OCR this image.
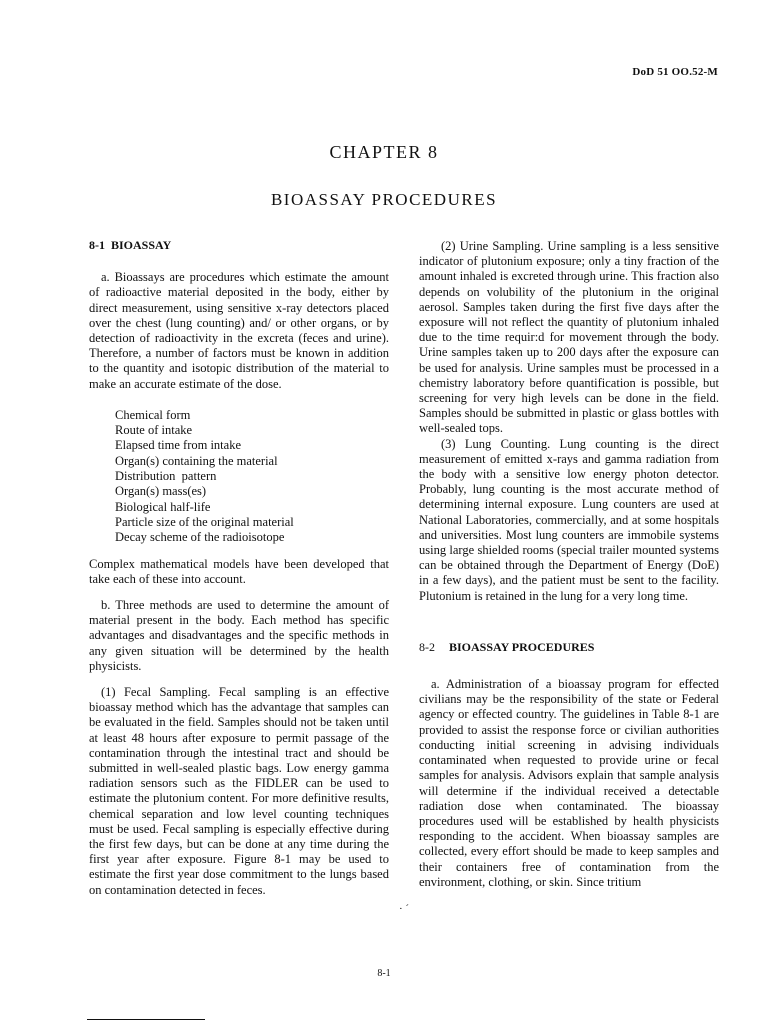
DoD 51 OO.52-M
CHAPTER 8
BIOASSAY PROCEDURES

8-1  BIOASSAY

a. Bioassays are procedures which estimate the amount of radioactive material deposited in the body, either by direct measurement, using sensitive x-ray detectors placed over the chest (lung counting) and/ or other organs, or by detection of radioactivity in the excreta (feces and urine). Therefore, a number of factors must be known in addition to the quantity and isotopic distribution of the material to make an accurate estimate of the dose.

Chemical form
Route of intake
Elapsed time from intake
Organ(s) containing the material
Distribution  pattern
Organ(s) mass(es)
Biological half-life
Particle size of the original material
Decay scheme of the radioisotope

Complex mathematical models have been developed that take each of these into account.

b. Three methods are used to determine the amount of material present in the body. Each method has specific advantages and disadvantages and the specific methods in any given situation will be determined by the health physicists.

(1) Fecal Sampling. Fecal sampling is an effective bioassay method which has the advantage that samples can be evaluated in the field. Samples should not be taken until at least 48 hours after exposure to permit passage of the contamination through the intestinal tract and should be submitted in well-sealed plastic bags. Low energy gamma radiation sensors such as the FIDLER can be used to estimate the plutonium content. For more definitive results, chemical separation and low level counting techniques must be used. Fecal sampling is especially effective during the first few days, but can be done at any time during the first year after exposure. Figure 8-1 may be used to estimate the first year dose commitment to the lungs based on contamination detected in feces.

(2) Urine Sampling. Urine sampling is a less sensitive indicator of plutonium exposure; only a tiny fraction of the amount inhaled is excreted through urine. This fraction also depends on volubility of the plutonium in the original aerosol. Samples taken during the first five days after the exposure will not reflect the quantity of plutonium inhaled due to the time requir:d for movement through the body. Urine samples taken up to 200 days after the exposure can be used for analysis. Urine samples must be processed in a chemistry laboratory before quantification is possible, but screening for very high levels can be done in the field. Samples should be submitted in plastic or glass bottles with well-sealed tops.

(3) Lung Counting. Lung counting is the direct measurement of emitted x-rays and gamma radiation from the body with a sensitive low energy photon detector. Probably, lung counting is the most accurate method of determining internal exposure. Lung counters are used at National Laboratories, commercially, and at some hospitals and universities. Most lung counters are immobile systems using large shielded rooms (special trailer mounted systems can be obtained through the Department of Energy (DoE) in a few days), and the patient must be sent to the facility. Plutonium is retained in the lung for a very long time.

8-2 BIOASSAY PROCEDURES

a. Administration of a bioassay program for effected civilians may be the responsibility of the state or Federal agency or effected country. The guidelines in Table 8-1 are provided to assist the response force or civilian authorities conducting initial screening in advising individuals contaminated when requested to provide urine or fecal samples for analysis. Advisors explain that sample analysis will determine if the individual received a detectable radiation dose when contaminated. The bioassay procedures used will be established by health physicists responding to the accident. When bioassay samples are collected, every effort should be made to keep samples and their containers free of contamination from the environment, clothing, or skin. Since tritium

· ´
8-1
